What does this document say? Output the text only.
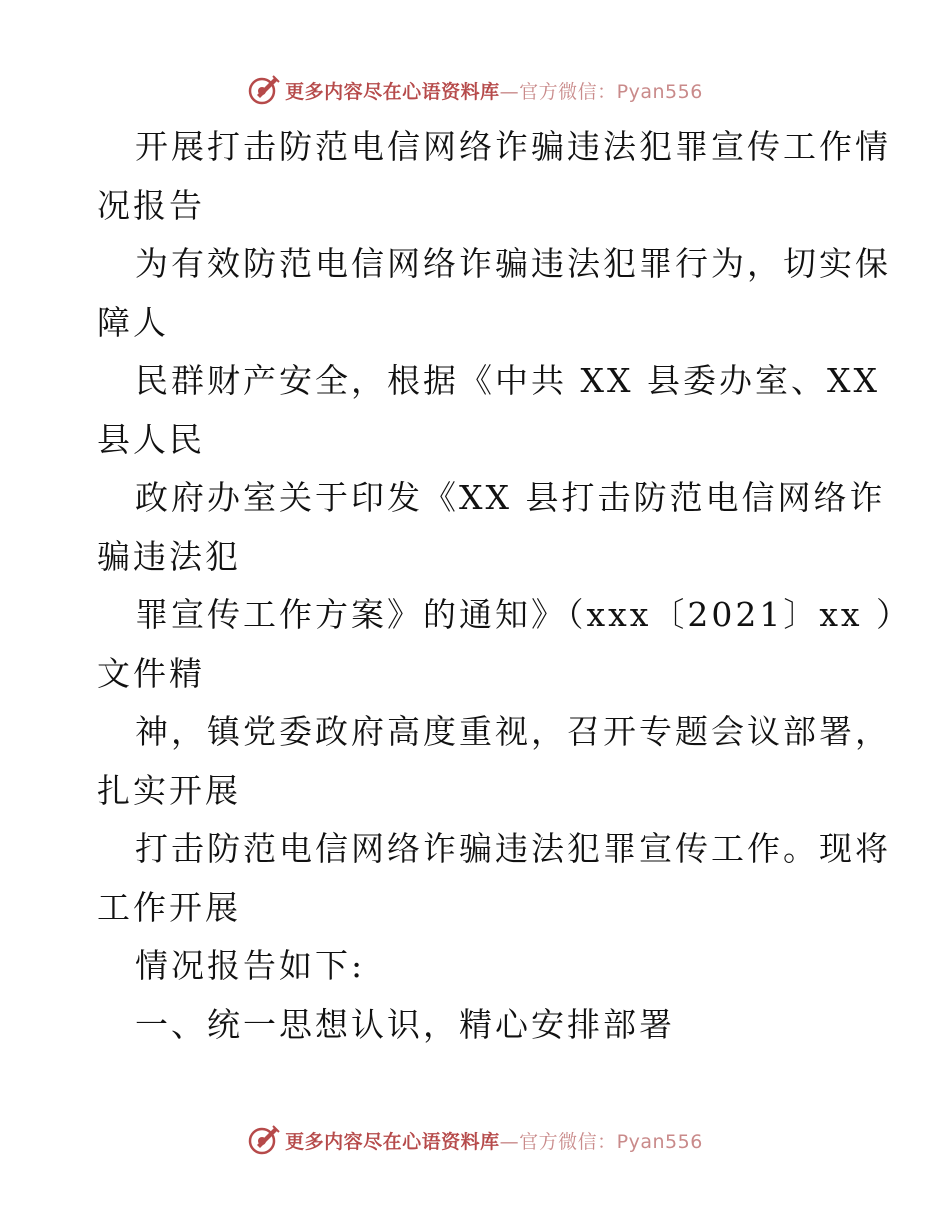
更多内容尽在心语资料库—官方微信：Pyan556
开展打击防范电信网络诈骗违法犯罪宣传工作情
况报告
为有效防范电信网络诈骗违法犯罪行为，切实保
障人
民群财产安全，根据《中共 XX 县委办室、XX
县人民
政府办室关于印发《XX 县打击防范电信网络诈
骗违法犯
罪宣传工作方案》的通知》（xxx〔2021〕xx ）
文件精
神，镇党委政府高度重视，召开专题会议部署，
扎实开展
打击防范电信网络诈骗违法犯罪宣传工作。现将
工作开展
情况报告如下:
一、统一思想认识，精心安排部署
更多内容尽在心语资料库—官方微信：Pyan556
